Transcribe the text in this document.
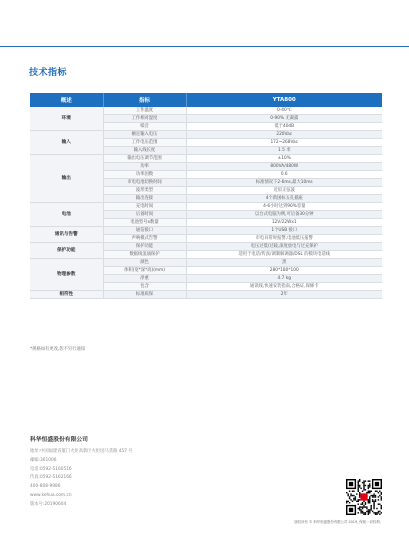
技术指标
概述	指标	YTA800
环境	工作温度	0-40℃
	工作相对湿度	0-90% 无凝露
	噪音	低于40dB
输入	额定输入电压	220Vac
	工作电压范围	172~268Vac
	输入线长度	1.5 米
输出	输出电压调节范围	±10%
	功率	800VA/480W
	功率因数	0.6
	市电电池切换时间	标准情况下2-6ms,最大10ms
	波形类型	近似正弦波
	输出连接	4个新国标五孔插座
电池	充电时间	4-6小时达到90%容量
	后备时间	以台式电脑为例,可后备30分钟
	电池型号x数量	12V/22Wx1
通讯与告警	通信接口	1个USB 接口
	声响模式告警	市电异常时报警,电池低压报警
保护功能	保护功能	电压过低/过载,深度放电与过充保护
	数据线浪涌保护	适用于电话/传真/调制解调器/DSL 的模块电话线
物理参数	颜色	黑
	体积(宽*深*高)(mm)	280*180*100
	净重	4.7 kg
	包含	通讯线,快速安装指南,合格证,保修卡
相符性	标准质保	2年
*规格如有更改,恕不另行通知
科华恒盛股份有限公司
地址:中国福建省厦门火炬高新区火炬园马垄路 457 号
邮编:361006
电话:0592-5160516
传真:0592-5162166
400-808-9986
www.kehua.com.cn
版本号:20190604
版权所有 © 科华恒盛股份有限公司 2019, 保留一切权利。
